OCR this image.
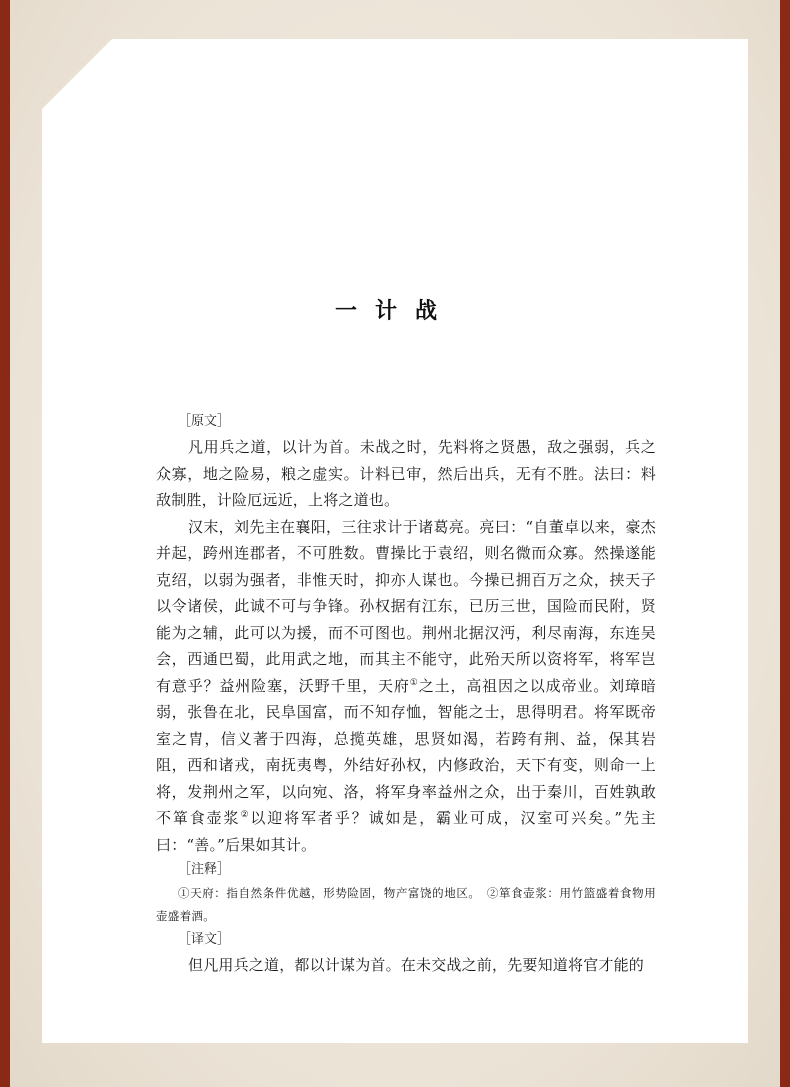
一计战
［原文］

凡用兵之道，以计为首。未战之时，先料将之贤愚，敌之强弱，兵之众寡，地之险易，粮之虚实。计料已审，然后出兵，无有不胜。法曰：料敌制胜，计险厄远近，上将之道也。

汉末，刘先主在襄阳，三往求计于诸葛亮。亮曰：“自董卓以来，豪杰并起，跨州连郡者，不可胜数。曹操比于袁绍，则名微而众寡。然操遂能克绍，以弱为强者，非惟天时，抑亦人谋也。今操已拥百万之众，挟天子以令诸侯，此诚不可与争锋。孙权据有江东，已历三世，国险而民附，贤能为之辅，此可以为援，而不可图也。荆州北据汉沔，利尽南海，东连吴会，西通巴蜀，此用武之地，而其主不能守，此殆天所以资将军，将军岂有意乎？益州险塞，沃野千里，天府①之土，高祖因之以成帝业。刘璋暗弱，张鲁在北，民阜国富，而不知存恤，智能之士，思得明君。将军既帝室之胄，信义著于四海，总揽英雄，思贤如渴，若跨有荆、益，保其岩阻，西和诸戎，南抚夷粤，外结好孙权，内修政治，天下有变，则命一上将，发荆州之军，以向宛、洛，将军身率益州之众，出于秦川，百姓孰敢不箪食壶浆②以迎将军者乎？诚如是，霸业可成，汉室可兴矣。”先主曰：“善。”后果如其计。

［注释］

①天府：指自然条件优越，形势险固，物产富饶的地区。　②箪食壶浆：用竹篮盛着食物用壶盛着酒。

［译文］

但凡用兵之道，都以计谋为首。在未交战之前，先要知道将官才能的
